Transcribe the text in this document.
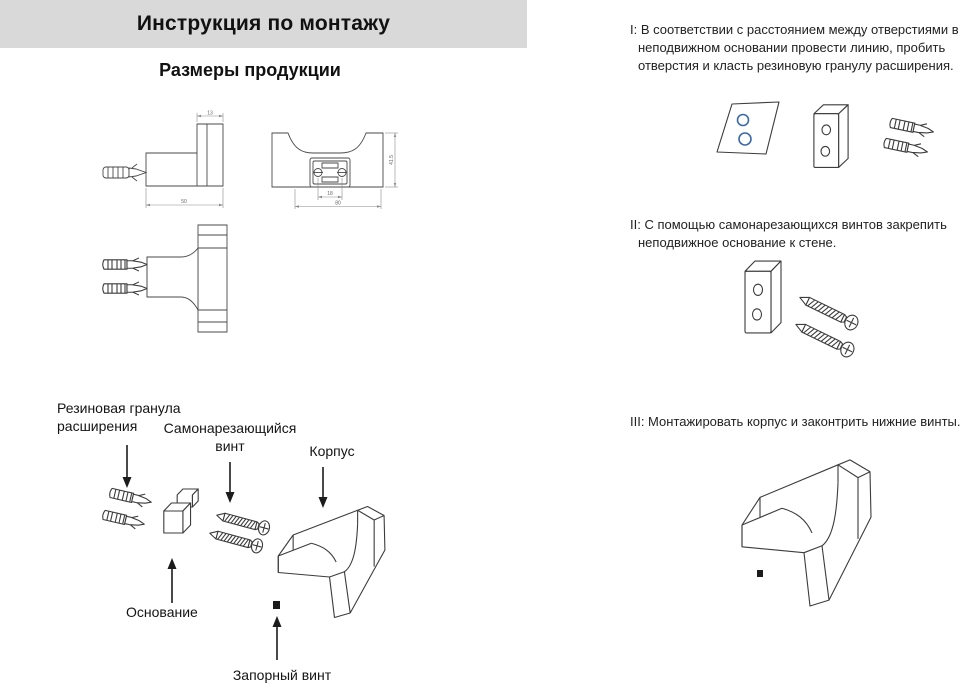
Инструкция по монтажу
Размеры продукции
13
50
41.5
18
80
Резиновая гранула расширения	Самонарезающийся винт	Корпус
Основание
Запорный винт

I: В соответствии с расстоянием между отверстиями в неподвижном основании провести линию, пробить отверстия и класть резиновую гранулу расширения.

II: С помощью самонарезающихся винтов закрепить неподвижное основание к стене.

III: Монтажировать корпус и законтрить нижние винты.
